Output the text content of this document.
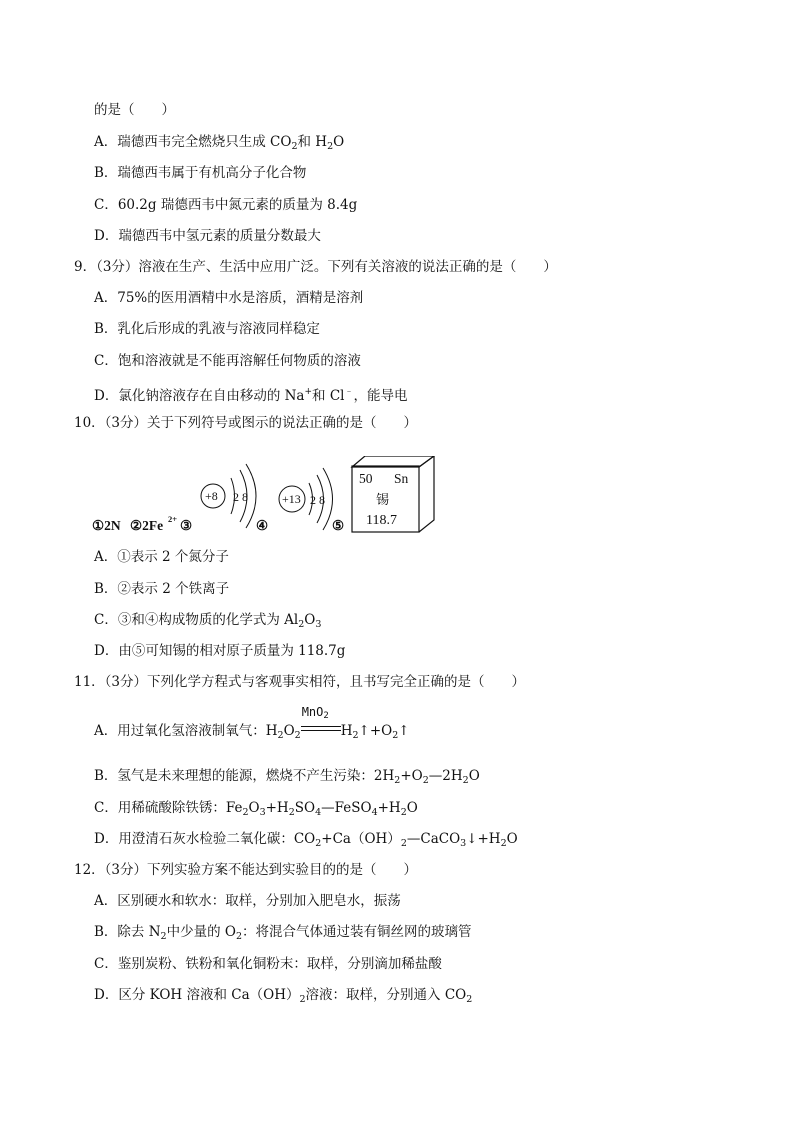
的是（　　）
A．瑞德西韦完全燃烧只生成 $CO_2$和 $H_2O$
B．瑞德西韦属于有机高分子化合物
C．60.2g 瑞德西韦中氮元素的质量为 8.4g
D．瑞德西韦中氢元素的质量分数最大
9．（3分）溶液在生产、生活中应用广泛。下列有关溶液的说法正确的是（　　）
A．75%的医用酒精中水是溶质，酒精是溶剂
B．乳化后形成的乳液与溶液同样稳定
C．饱和溶液就是不能再溶解任何物质的溶液
D．氯化钠溶液存在自由移动的 Na+和 Cl﹣，能导电
10．（3分）关于下列符号或图示的说法正确的是（　　）
①2N ②2Fe 2+ ③
+8 2 8
④
+13 2 8
⑤
50 Sn
锡
118.7
A．①表示 2 个氮分子
B．②表示 2 个铁离子
C．③和④构成物质的化学式为 $Al_2O_3$
D．由⑤可知锡的相对原子质量为 118.7g
11．（3分）下列化学方程式与客观事实相符，且书写完全正确的是（　　）
A．用过氧化氢溶液制氧气：$H_2O_2$
MnO2
$H_2↑+O_2↑$
B．氢气是未来理想的能源，燃烧不产生污染：$2H_2+O_2—2H_2O$
C．用稀硫酸除铁锈：$Fe_2O_3+H_2SO_4—FeSO_4+H_2O$
D．用澄清石灰水检验二氧化碳：$CO_2+Ca(OH)_2—CaCO_3↓+H_2O$
12．（3分）下列实验方案不能达到实验目的的是（　　）
A．区别硬水和软水：取样，分别加入肥皂水，振荡
B．除去 $N_2$中少量的 $O_2$：将混合气体通过装有铜丝网的玻璃管
C．鉴别炭粉、铁粉和氧化铜粉末：取样，分别滴加稀盐酸
D．区分 KOH 溶液和 $Ca(OH)_2$溶液：取样，分别通入 $CO_2$
